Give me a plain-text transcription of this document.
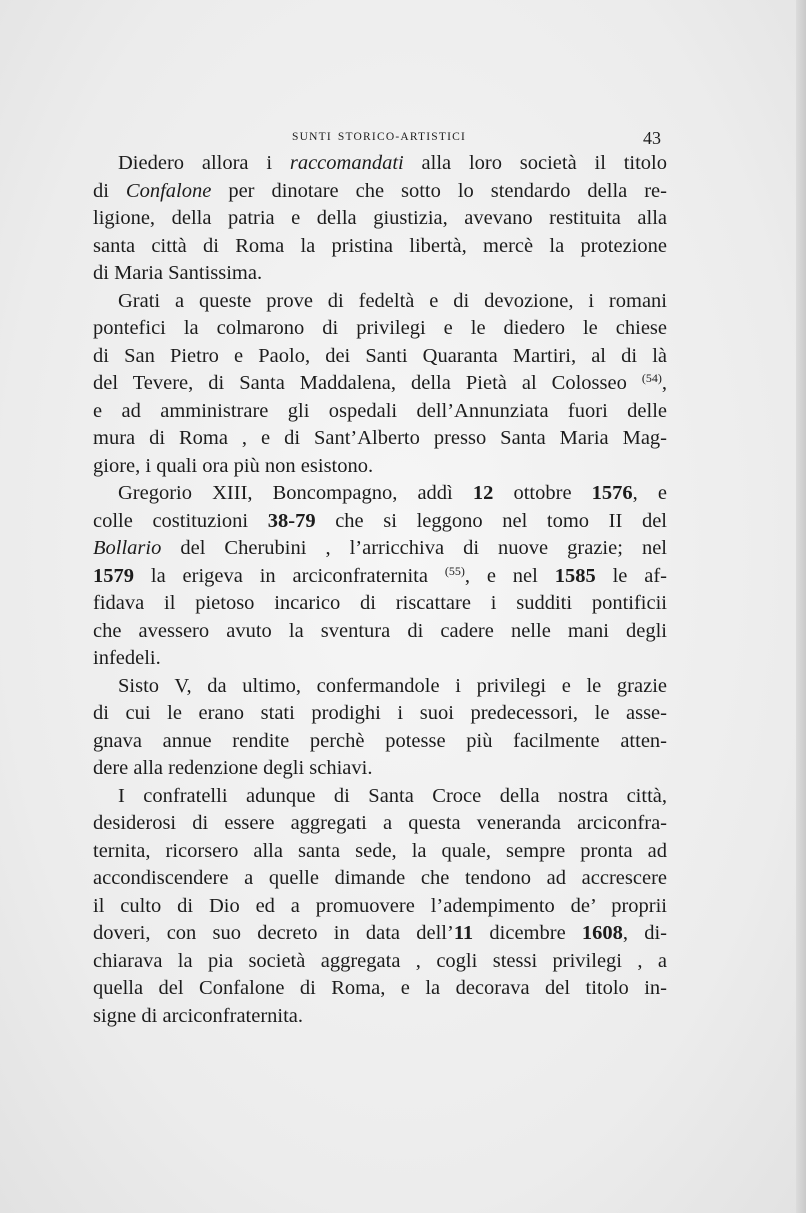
SUNTI STORICO-ARTISTICI	43
Diedero allora i raccomandati alla loro società il titolo
di Confalone per dinotare che sotto lo stendardo della re-
ligione, della patria e della giustizia, avevano restituita alla
santa città di Roma la pristina libertà, mercè la protezione
di Maria Santissima.
Grati a queste prove di fedeltà e di devozione, i romani
pontefici la colmarono di privilegi e le diedero le chiese
di San Pietro e Paolo, dei Santi Quaranta Martiri, al di là
del Tevere, di Santa Maddalena, della Pietà al Colosseo $^{(54)}$,
e ad amministrare gli ospedali dell’Annunziata fuori delle
mura di Roma , e di Sant’Alberto presso Santa Maria Mag-
giore, i quali ora più non esistono.
Gregorio XIII, Boncompagno, addì 12 ottobre 1576, e
colle costituzioni 38-79 che si leggono nel tomo II del
Bollario del Cherubini , l’arricchiva di nuove grazie; nel
1579 la erigeva in arciconfraternita $^{(55)}$, e nel 1585 le af-
fidava il pietoso incarico di riscattare i sudditi pontificii
che avessero avuto la sventura di cadere nelle mani degli
infedeli.
Sisto V, da ultimo, confermandole i privilegi e le grazie
di cui le erano stati prodighi i suoi predecessori, le asse-
gnava annue rendite perchè potesse più facilmente atten-
dere alla redenzione degli schiavi.
I confratelli adunque di Santa Croce della nostra città,
desiderosi di essere aggregati a questa veneranda arciconfra-
ternita, ricorsero alla santa sede, la quale, sempre pronta ad
accondiscendere a quelle dimande che tendono ad accrescere
il culto di Dio ed a promuovere l’adempimento de’ proprii
doveri, con suo decreto in data dell’11 dicembre 1608, di-
chiarava la pia società aggregata , cogli stessi privilegi , a
quella del Confalone di Roma, e la decorava del titolo in-
signe di arciconfraternita.
